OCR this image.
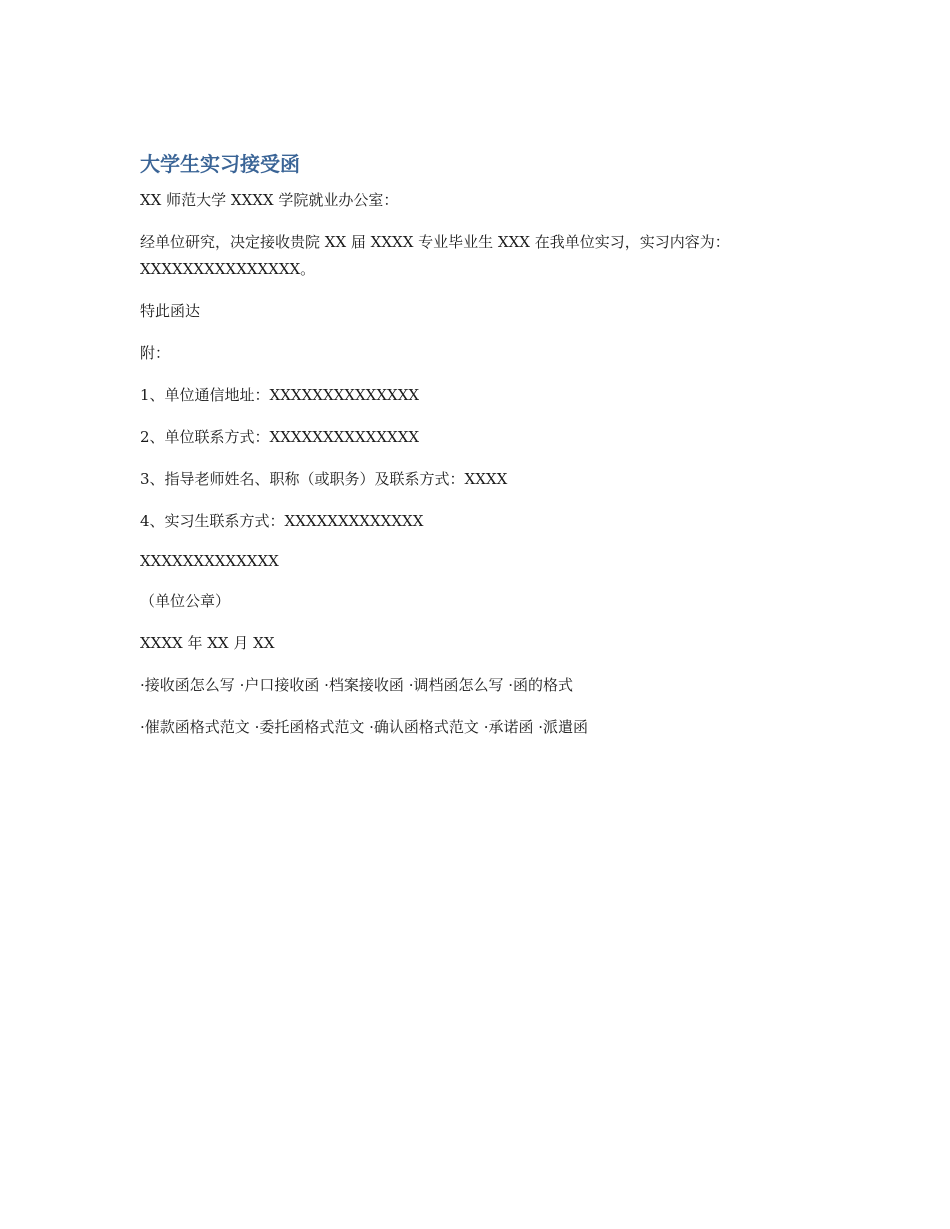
大学生实习接受函
XX 师范大学 XXXX 学院就业办公室：
经单位研究，决定接收贵院 XX 届 XXXX 专业毕业生 XXX 在我单位实习，实习内容为：
XXXXXXXXXXXXXXX。
特此函达
附：
1、单位通信地址：XXXXXXXXXXXXXX
2、单位联系方式：XXXXXXXXXXXXXX
3、指导老师姓名、职称（或职务）及联系方式：XXXX
4、实习生联系方式：XXXXXXXXXXXXX
XXXXXXXXXXXXX
（单位公章）
XXXX 年 XX 月 XX
·接收函怎么写 ·户口接收函 ·档案接收函 ·调档函怎么写 ·函的格式
·催款函格式范文 ·委托函格式范文 ·确认函格式范文 ·承诺函 ·派遣函
